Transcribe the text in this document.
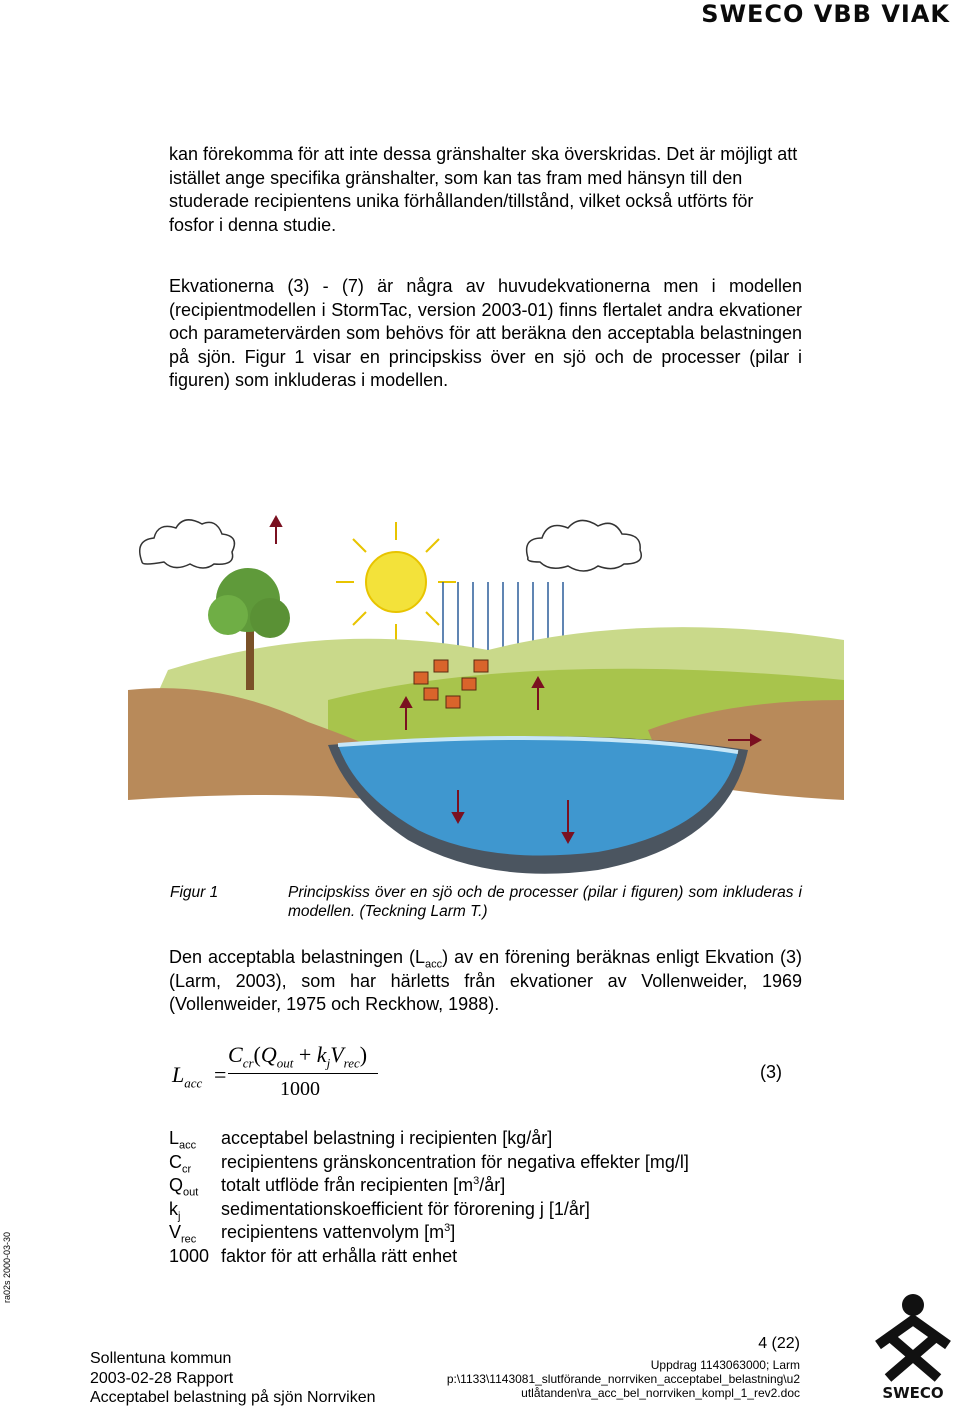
SWECO VBB VIAK

kan förekomma för att inte dessa gränshalter ska överskridas. Det är möjligt att istället ange specifika gränshalter, som kan tas fram med hänsyn till den studerade recipientens unika förhållanden/tillstånd, vilket också utförts för fosfor i denna studie.

Ekvationerna (3) - (7) är några av huvudekvationerna men i modellen (recipientmodellen i StormTac, version 2003-01) finns flertalet andra ekvationer och parametervärden som behövs för att beräkna den acceptabla belastningen på sjön. Figur 1 visar en principskiss över en sjö och de processer (pilar i figuren) som inkluderas i modellen.

Figur 1	Principskiss över en sjö och de processer (pilar i figuren) som inkluderas i modellen. (Teckning Larm T.)

Den acceptabla belastningen $(L_{acc})$ av en förening beräknas enligt Ekvation (3) (Larm, 2003), som har härletts från ekvationer av Vollenweider, 1969 (Vollenweider, 1975 och Reckhow, 1988).

$L_{acc}$ =
$C_{cr}(Q_{out} + k_jV_{rec})$
1000
(3)
$L_{acc}$	acceptabel belastning i recipienten [kg/år]
$C_{cr}$	recipientens gränskoncentration för negativa effekter [mg/l]
$Q_{out}$	totalt utflöde från recipienten $[m^3/år]$
$k_j$	sedimentationskoefficient för förorening j [1/år]
$V_{rec}$	recipientens vattenvolym $[m^3]$
1000 faktor för att erhålla rätt enhet
ra02s 2000-03-30
Sollentuna kommun
2003-02-28 Rapport
Acceptabel belastning på sjön Norrviken
4 (22)
Uppdrag 1143063000; Larm
p:\1133\1143081_slutförande_norrviken_acceptabel_belastning\u2
utlåtanden\ra_acc_bel_norrviken_kompl_1_rev2.doc	SWECO
